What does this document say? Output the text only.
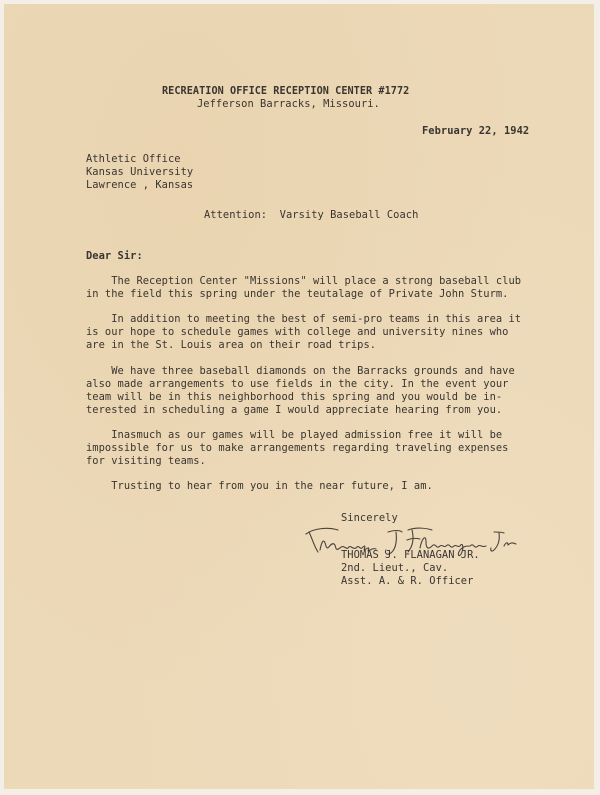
RECREATION OFFICE RECEPTION CENTER #1772
Jefferson Barracks, Missouri.
February 22, 1942
Athletic Office
Kansas University
Lawrence , Kansas
Attention:  Varsity Baseball Coach
Dear Sir:
The Reception Center "Missions" will place a strong baseball club
in the field this spring under the teutalage of Private John Sturm.
In addition to meeting the best of semi-pro teams in this area it
is our hope to schedule games with college and university nines who
are in the St. Louis area on their road trips.
We have three baseball diamonds on the Barracks grounds and have
also made arrangements to use fields in the city. In the event your
team will be in this neighborhood this spring and you would be in-
terested in scheduling a game I would appreciate hearing from you.
Inasmuch as our games will be played admission free it will be
impossible for us to make arrangements regarding traveling expenses
for visiting teams.
Trusting to hear from you in the near future, I am.
Sincerely
THOMAS J. FLANAGAN JR.
2nd. Lieut., Cav.
Asst. A. & R. Officer
